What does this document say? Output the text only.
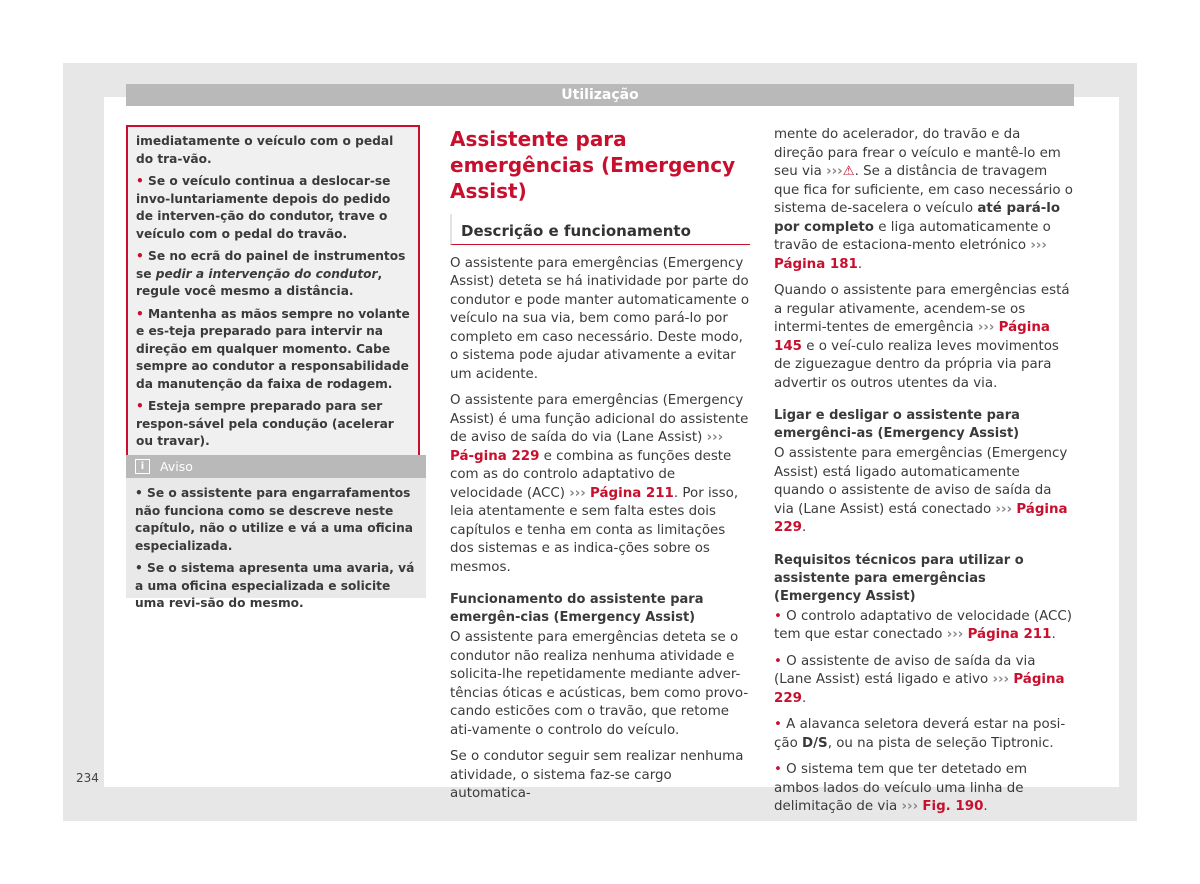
Utilização
234

imediatamente o veículo com o pedal do tra-vão.

• Se o veículo continua a deslocar-se invo-luntariamente depois do pedido de interven-ção do condutor, trave o veículo com o pedal do travão.

• Se no ecrã do painel de instrumentos se pedir a intervenção do condutor, regule você mesmo a distância.

• Mantenha as mãos sempre no volante e es-teja preparado para intervir na direção em qualquer momento. Cabe sempre ao condutor a responsabilidade da manutenção da faixa de rodagem.

• Esteja sempre preparado para ser respon-sável pela condução (acelerar ou travar).

i	Aviso

• Se o assistente para engarrafamentos não funciona como se descreve neste capítulo, não o utilize e vá a uma oficina especializada.

• Se o sistema apresenta uma avaria, vá a uma oficina especializada e solicite uma revi-são do mesmo.

Assistente para emergências (Emergency Assist)
Descrição e funcionamento

O assistente para emergências (Emergency Assist) deteta se há inatividade por parte do condutor e pode manter automaticamente o veículo na sua via, bem como pará-lo por completo em caso necessário. Deste modo, o sistema pode ajudar ativamente a evitar um acidente.

O assistente para emergências (Emergency Assist) é uma função adicional do assistente de aviso de saída do via (Lane Assist) ››› Pá-gina 229 e combina as funções deste com as do controlo adaptativo de velocidade (ACC) ››› Página 211. Por isso, leia atentamente e sem falta estes dois capítulos e tenha em conta as limitações dos sistemas e as indica-ções sobre os mesmos.

Funcionamento do assistente para emergên-cias (Emergency Assist)

O assistente para emergências deteta se o condutor não realiza nenhuma atividade e solicita-lhe repetidamente mediante adver-tências óticas e acústicas, bem como provo-cando esticões com o travão, que retome ati-vamente o controlo do veículo.

Se o condutor seguir sem realizar nenhuma atividade, o sistema faz-se cargo automatica-

mente do acelerador, do travão e da direção para frear o veículo e mantê-lo em seu via ›››⚠. Se a distância de travagem que fica for suficiente, em caso necessário o sistema de-sacelera o veículo até pará-lo por completo e liga automaticamente o travão de estaciona-mento eletrónico ››› Página 181.

Quando o assistente para emergências está a regular ativamente, acendem-se os intermi-tentes de emergência ››› Página 145 e o veí-culo realiza leves movimentos de ziguezague dentro da própria via para advertir os outros utentes da via.

Ligar e desligar o assistente para emergênci-as (Emergency Assist)

O assistente para emergências (Emergency Assist) está ligado automaticamente quando o assistente de aviso de saída da via (Lane Assist) está conectado ››› Página 229.

Requisitos técnicos para utilizar o assistente para emergências (Emergency Assist)

• O controlo adaptativo de velocidade (ACC) tem que estar conectado ››› Página 211.

• O assistente de aviso de saída da via (Lane Assist) está ligado e ativo ››› Página 229.

• A alavanca seletora deverá estar na posi-ção D/S, ou na pista de seleção Tiptronic.

• O sistema tem que ter detetado em ambos lados do veículo uma linha de delimitação de via ››› Fig. 190.
